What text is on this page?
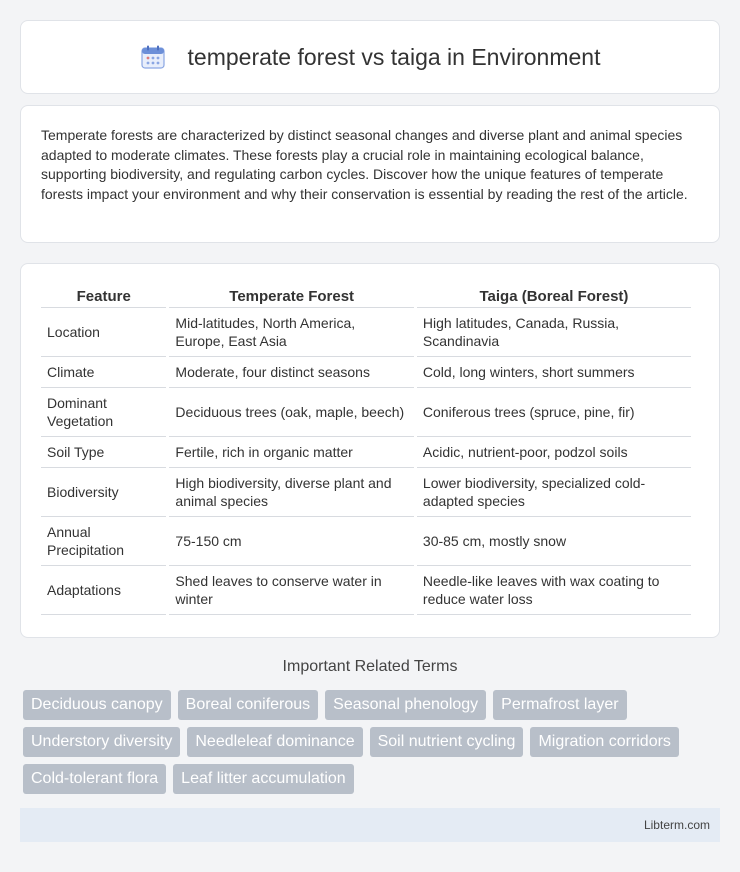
temperate forest vs taiga in Environment

Temperate forests are characterized by distinct seasonal changes and diverse plant and animal species adapted to moderate climates. These forests play a crucial role in maintaining ecological balance, supporting biodiversity, and regulating carbon cycles. Discover how the unique features of temperate forests impact your environment and why their conservation is essential by reading the rest of the article.

Feature	Temperate Forest	Taiga (Boreal Forest)
Location	Mid-latitudes, North America, Europe, East Asia	High latitudes, Canada, Russia, Scandinavia
Climate	Moderate, four distinct seasons	Cold, long winters, short summers
Dominant Vegetation	Deciduous trees (oak, maple, beech)	Coniferous trees (spruce, pine, fir)
Soil Type	Fertile, rich in organic matter	Acidic, nutrient-poor, podzol soils
Biodiversity	High biodiversity, diverse plant and animal species	Lower biodiversity, specialized cold-adapted species
Annual Precipitation	75-150 cm	30-85 cm, mostly snow
Adaptations	Shed leaves to conserve water in winter	Needle-like leaves with wax coating to reduce water loss
Important Related Terms
Deciduous canopy	Boreal coniferous	Seasonal phenology	Permafrost layer
Understory diversity	Needleleaf dominance	Soil nutrient cycling	Migration corridors
Cold-tolerant flora	Leaf litter accumulation
Libterm.com
